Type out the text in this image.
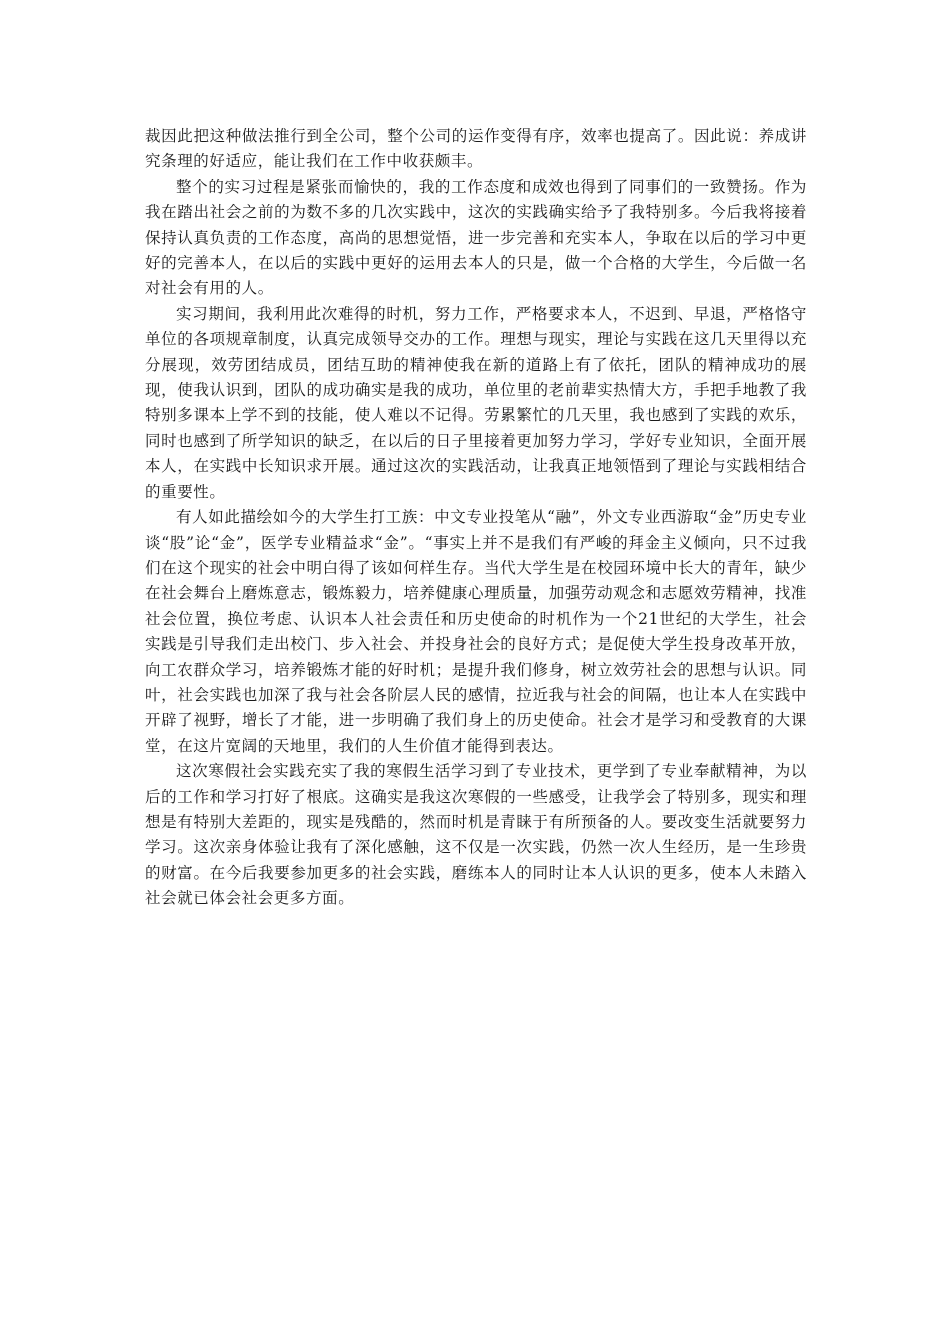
裁因此把这种做法推行到全公司，整个公司的运作变得有序，效率也提高了。因此说：养成讲究条理的好适应，能让我们在工作中收获颇丰。

整个的实习过程是紧张而愉快的，我的工作态度和成效也得到了同事们的一致赞扬。作为我在踏出社会之前的为数不多的几次实践中，这次的实践确实给予了我特别多。今后我将接着保持认真负责的工作态度，高尚的思想觉悟，进一步完善和充实本人，争取在以后的学习中更好的完善本人，在以后的实践中更好的运用去本人的只是，做一个合格的大学生，今后做一名对社会有用的人。

实习期间，我利用此次难得的时机，努力工作，严格要求本人，不迟到、早退，严格恪守单位的各项规章制度，认真完成领导交办的工作。理想与现实，理论与实践在这几天里得以充分展现，效劳团结成员，团结互助的精神使我在新的道路上有了依托，团队的精神成功的展现，使我认识到，团队的成功确实是我的成功，单位里的老前辈实热情大方，手把手地教了我特别多课本上学不到的技能，使人难以不记得。劳累繁忙的几天里，我也感到了实践的欢乐，同时也感到了所学知识的缺乏，在以后的日子里接着更加努力学习，学好专业知识，全面开展本人，在实践中长知识求开展。通过这次的实践活动，让我真正地领悟到了理论与实践相结合的重要性。

有人如此描绘如今的大学生打工族：中文专业投笔从“融”，外文专业西游取“金”历史专业谈“股”论“金”，医学专业精益求“金”。“事实上并不是我们有严峻的拜金主义倾向，只不过我们在这个现实的社会中明白得了该如何样生存。当代大学生是在校园环境中长大的青年，缺少在社会舞台上磨炼意志，锻炼毅力，培养健康心理质量，加强劳动观念和志愿效劳精神，找准社会位置，换位考虑、认识本人社会责任和历史使命的时机作为一个21世纪的大学生，社会实践是引导我们走出校门、步入社会、并投身社会的良好方式；是促使大学生投身改革开放，向工农群众学习，培养锻炼才能的好时机；是提升我们修身，树立效劳社会的思想与认识。同叶，社会实践也加深了我与社会各阶层人民的感情，拉近我与社会的间隔，也让本人在实践中开辟了视野，增长了才能，进一步明确了我们身上的历史使命。社会才是学习和受教育的大课堂，在这片宽阔的天地里，我们的人生价值才能得到表达。

这次寒假社会实践充实了我的寒假生活学习到了专业技术，更学到了专业奉献精神，为以后的工作和学习打好了根底。这确实是我这次寒假的一些感受，让我学会了特别多，现实和理想是有特别大差距的，现实是残酷的，然而时机是青睐于有所预备的人。要改变生活就要努力学习。这次亲身体验让我有了深化感触，这不仅是一次实践，仍然一次人生经历，是一生珍贵的财富。在今后我要参加更多的社会实践，磨练本人的同时让本人认识的更多，使本人未踏入社会就已体会社会更多方面。
